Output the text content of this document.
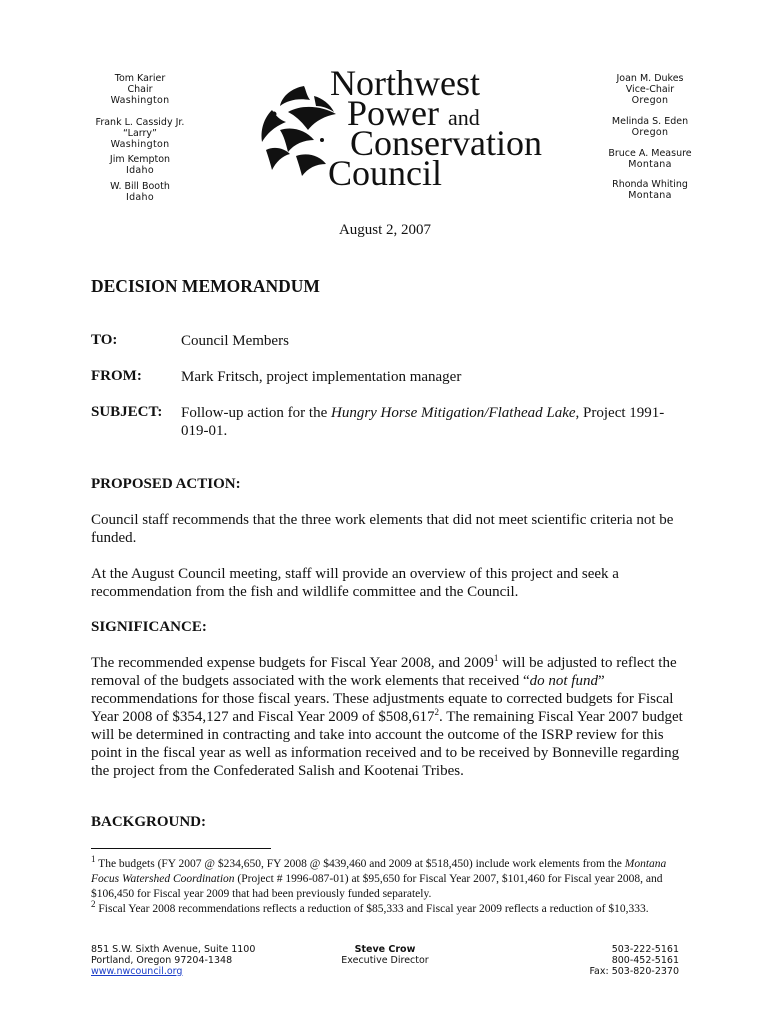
Tom Karier
Chair
Washington
Frank L. Cassidy Jr.
“Larry”
Washington
Jim Kempton
Idaho
W. Bill Booth
Idaho
Joan M. Dukes
Vice-Chair
Oregon
Melinda S. Eden
Oregon
Bruce A. Measure
Montana
Rhonda Whiting
Montana
Northwest
Power and
Conservation
Council
August 2, 2007
DECISION MEMORANDUM
TO:	Council Members
FROM:	Mark Fritsch, project implementation manager
SUBJECT: Follow-up action for the Hungry Horse Mitigation/Flathead Lake, Project 1991-019-01.
PROPOSED ACTION:
Council staff recommends that the three work elements that did not meet scientific criteria not be funded.
At the August Council meeting, staff will provide an overview of this project and seek a recommendation from the fish and wildlife committee and the Council.
SIGNIFICANCE:
The recommended expense budgets for Fiscal Year 2008, and 2009$^1$ will be adjusted to reflect the removal of the budgets associated with the work elements that received “do not fund” recommendations for those fiscal years. These adjustments equate to corrected budgets for Fiscal Year 2008 of $354,127 and Fiscal Year 2009 of $508,617$^2$. The remaining Fiscal Year 2007 budget will be determined in contracting and take into account the outcome of the ISRP review for this point in the fiscal year as well as information received and to be received by Bonneville regarding the project from the Confederated Salish and Kootenai Tribes.
BACKGROUND:
$^1$ The budgets (FY 2007 @ $234,650, FY 2008 @ $439,460 and 2009 at $518,450) include work elements from the Montana Focus Watershed Coordination (Project # 1996-087-01) at $95,650 for Fiscal Year 2007, $101,460 for Fiscal year 2008, and $106,450 for Fiscal year 2009 that had been previously funded separately.
$^2$ Fiscal Year 2008 recommendations reflects a reduction of $85,333 and Fiscal year 2009 reflects a reduction of $10,333.
851 S.W. Sixth Avenue, Suite 1100
Portland, Oregon 97204-1348
www.nwcouncil.org
Steve Crow
Executive Director
503-222-5161
800-452-5161
Fax: 503-820-2370
